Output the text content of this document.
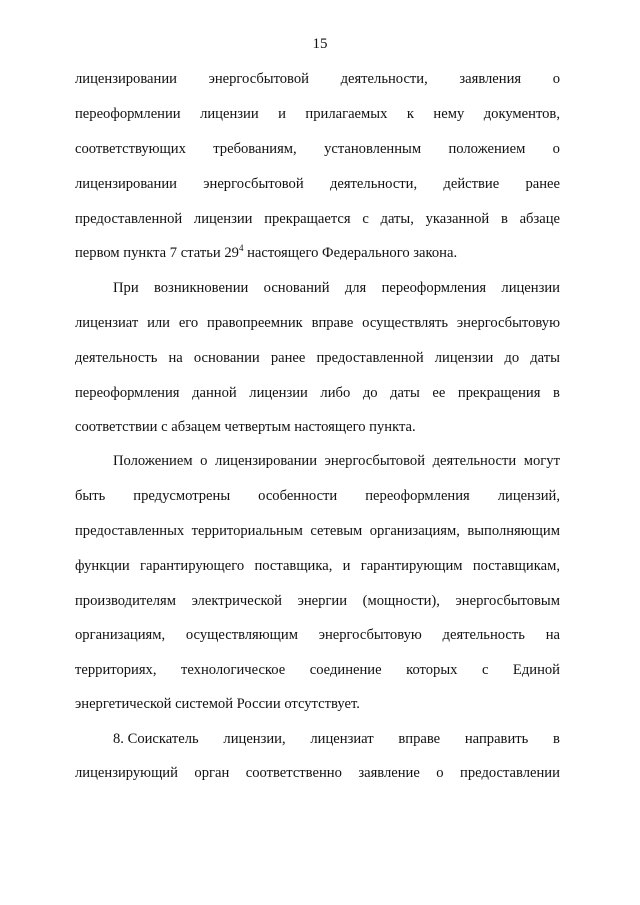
15
лицензировании энергосбытовой деятельности, заявления о
переоформлении лицензии и прилагаемых к нему документов,
соответствующих требованиям, установленным положением о
лицензировании энергосбытовой деятельности, действие ранее
предоставленной лицензии прекращается с даты, указанной в абзаце
первом пункта 7 статьи $29^4$ настоящего Федерального закона.
При возникновении оснований для переоформления лицензии
лицензиат или его правопреемник вправе осуществлять энергосбытовую
деятельность на основании ранее предоставленной лицензии до даты
переоформления данной лицензии либо до даты ее прекращения в
соответствии с абзацем четвертым настоящего пункта.
Положением о лицензировании энергосбытовой деятельности могут
быть предусмотрены особенности переоформления лицензий,
предоставленных территориальным сетевым организациям, выполняющим
функции гарантирующего поставщика, и гарантирующим поставщикам,
производителям электрической энергии (мощности), энергосбытовым
организациям, осуществляющим энергосбытовую деятельность на
территориях, технологическое соединение которых с Единой
энергетической системой России отсутствует.
8. Соискатель лицензии, лицензиат вправе направить в
лицензирующий орган соответственно заявление о предоставлении
